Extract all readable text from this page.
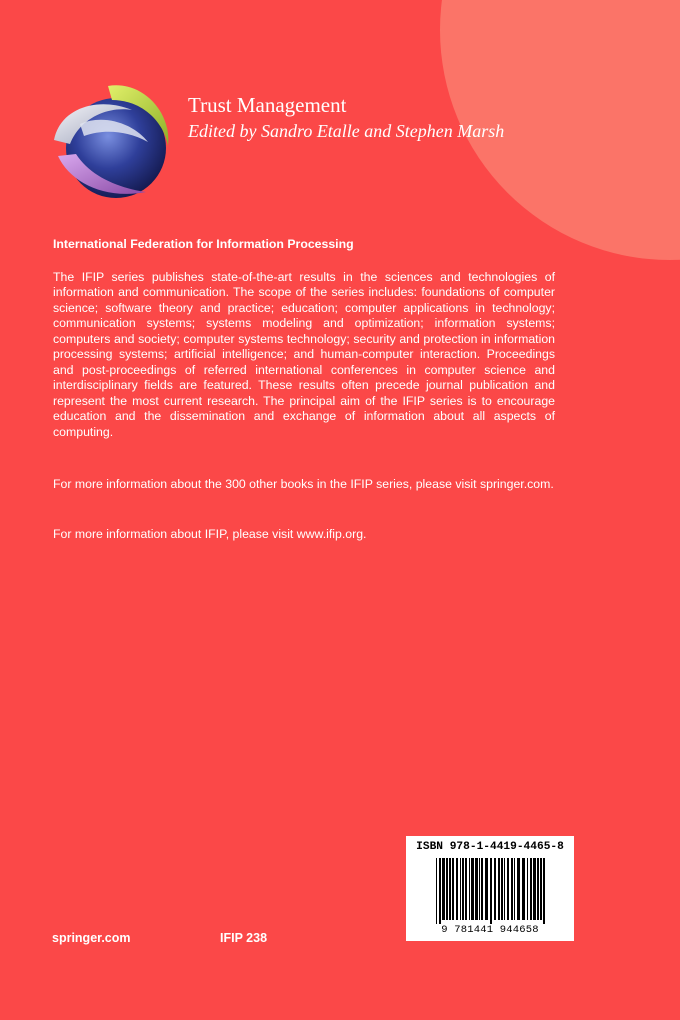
Trust Management
Edited by Sandro Etalle and Stephen Marsh
International Federation for Information Processing

The IFIP series publishes state-of-the-art results in the sciences and technologies of information and communication. The scope of the series includes: foundations of computer science; software theory and practice; education; computer applications in technology; communication systems; systems modeling and optimization; information systems; computers and society; computer systems technology; security and protection in information processing systems; artificial intelligence; and human-computer interaction. Proceedings and post-proceedings of referred international conferences in computer science and interdisciplinary fields are featured. These results often precede journal publication and represent the most current research. The principal aim of the IFIP series is to encourage education and the dissemination and exchange of information about all aspects of computing.

For more information about the 300 other books in the IFIP series, please visit springer.com.

For more information about IFIP, please visit www.ifip.org.

springer.com	IFIP 238
ISBN 978-1-4419-4465-8
9 781441 944658
